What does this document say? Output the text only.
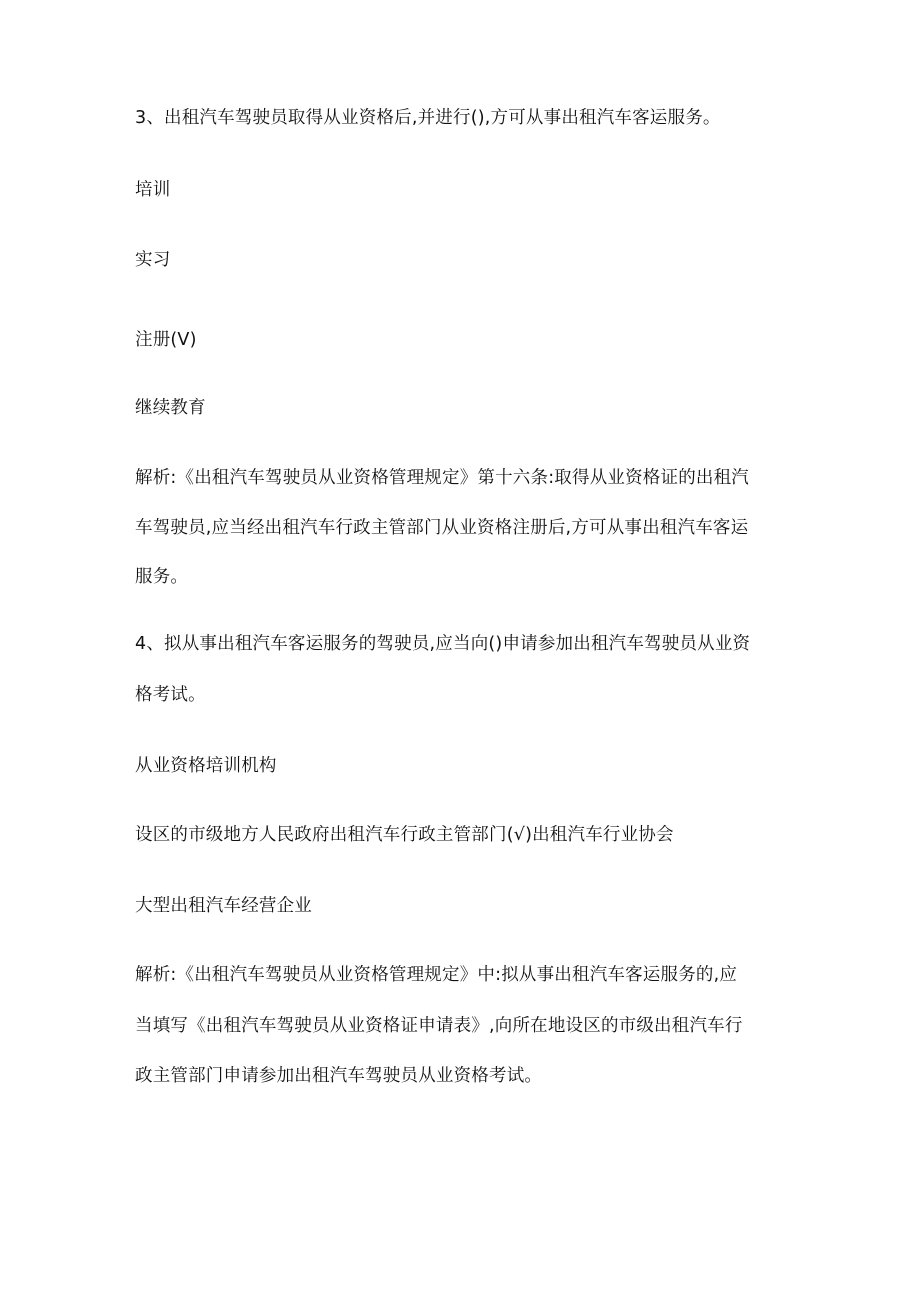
3、出租汽车驾驶员取得从业资格后,并进行(),方可从事出租汽车客运服务。
培训
实习
注册(V)
继续教育
解析:《出租汽车驾驶员从业资格管理规定》第十六条:取得从业资格证的出租汽
车驾驶员,应当经出租汽车行政主管部门从业资格注册后,方可从事出租汽车客运
服务。
4、拟从事出租汽车客运服务的驾驶员,应当向()申请参加出租汽车驾驶员从业资
格考试。
从业资格培训机构
设区的市级地方人民政府出租汽车行政主管部门(√)出租汽车行业协会
大型出租汽车经营企业
解析:《出租汽车驾驶员从业资格管理规定》中:拟从事出租汽车客运服务的,应
当填写《出租汽车驾驶员从业资格证申请表》,向所在地设区的市级出租汽车行
政主管部门申请参加出租汽车驾驶员从业资格考试。
